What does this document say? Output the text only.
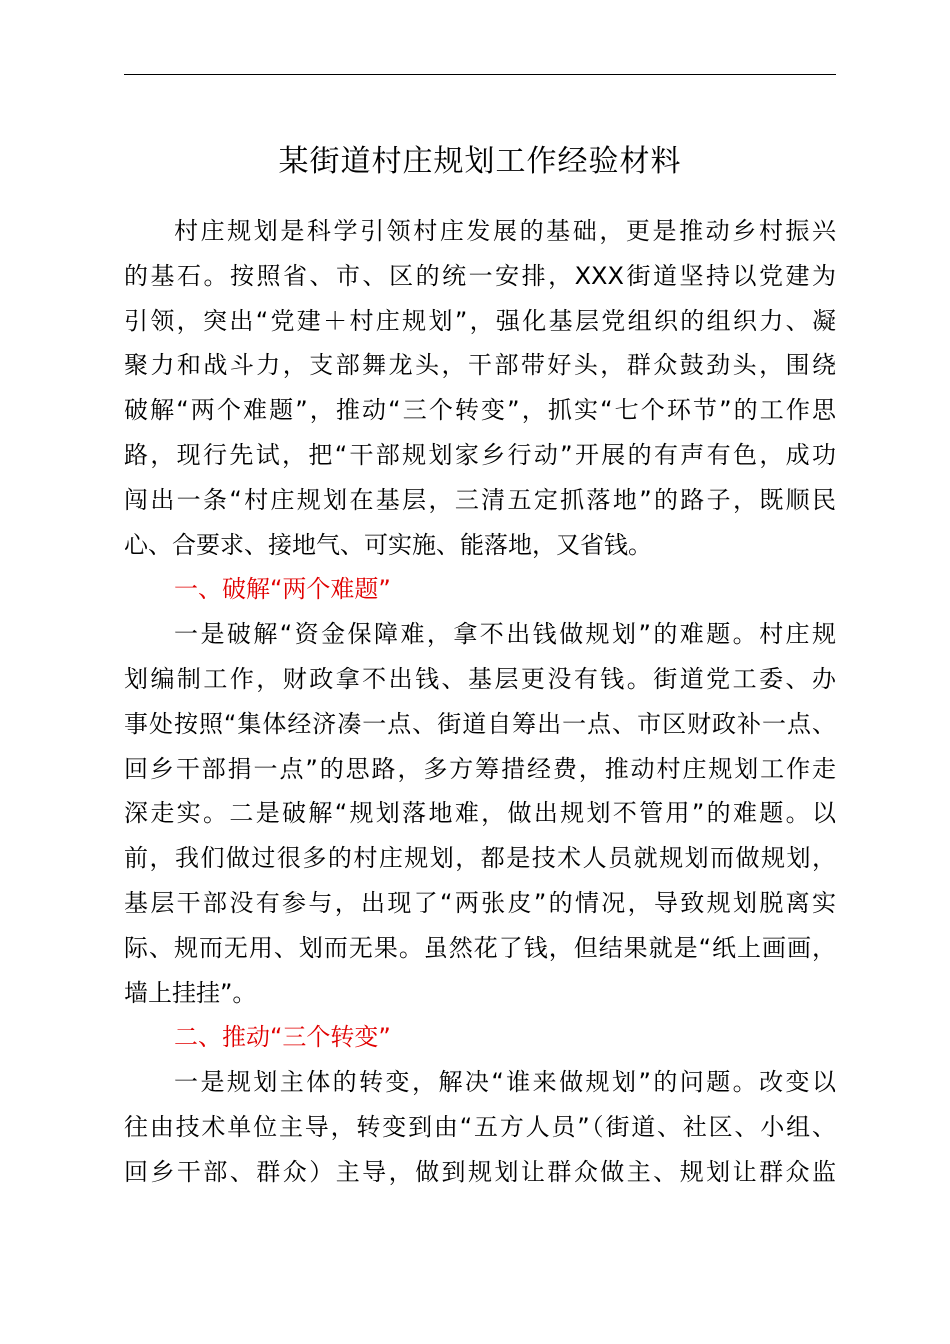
某街道村庄规划工作经验材料
村庄规划是科学引领村庄发展的基础，更是推动乡村振兴
的基石。按照省、市、区的统一安排，XXX街道坚持以党建为
引领，突出“党建＋村庄规划”，强化基层党组织的组织力、凝
聚力和战斗力，支部舞龙头，干部带好头，群众鼓劲头，围绕
破解“两个难题”，推动“三个转变”，抓实“七个环节”的工作思
路，现行先试，把“干部规划家乡行动”开展的有声有色，成功
闯出一条“村庄规划在基层，三清五定抓落地”的路子，既顺民
心、合要求、接地气、可实施、能落地，又省钱。
一、破解“两个难题”
一是破解“资金保障难，拿不出钱做规划”的难题。村庄规
划编制工作，财政拿不出钱、基层更没有钱。街道党工委、办
事处按照“集体经济凑一点、街道自筹出一点、市区财政补一点、
回乡干部捐一点”的思路，多方筹措经费，推动村庄规划工作走
深走实。二是破解“规划落地难，做出规划不管用”的难题。以
前，我们做过很多的村庄规划，都是技术人员就规划而做规划，
基层干部没有参与，出现了“两张皮”的情况，导致规划脱离实
际、规而无用、划而无果。虽然花了钱，但结果就是“纸上画画，
墙上挂挂”。
二、推动“三个转变”
一是规划主体的转变，解决“谁来做规划”的问题。改变以
往由技术单位主导，转变到由“五方人员”（街道、社区、小组、
回乡干部、群众）主导，做到规划让群众做主、规划让群众监
